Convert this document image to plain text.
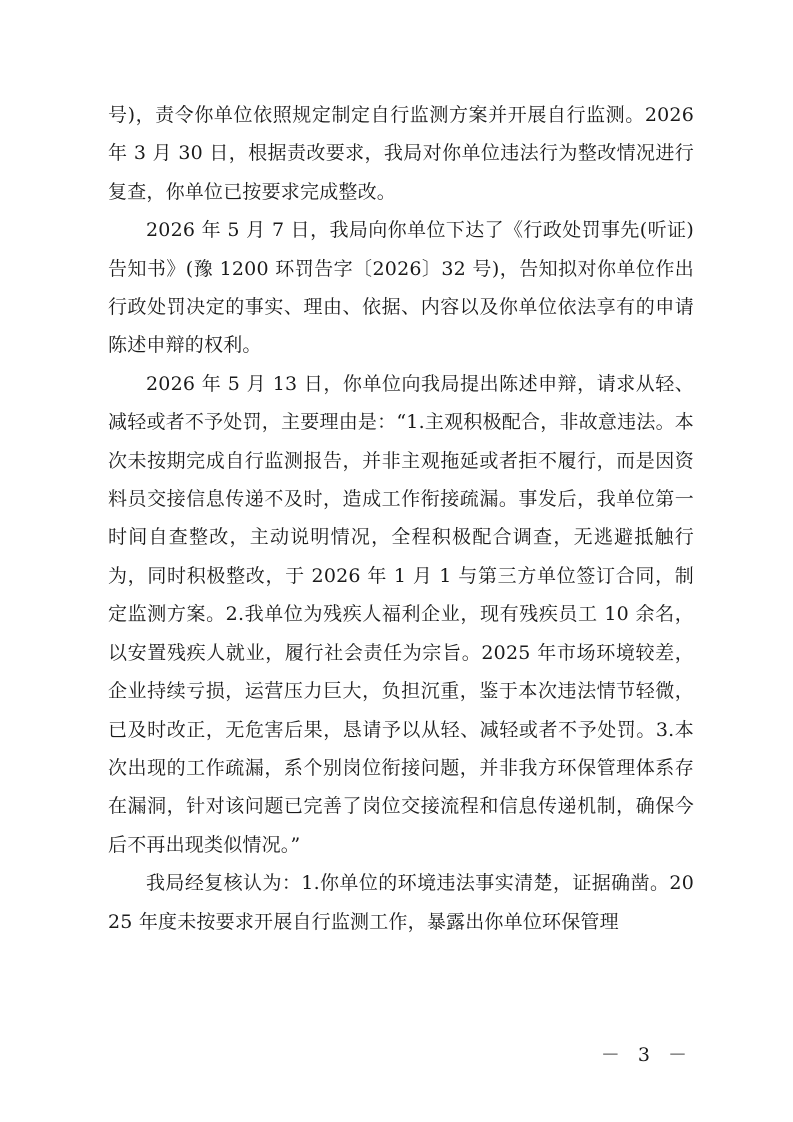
号)，责令你单位依照规定制定自行监测方案并开展自行监测。2026 年 3 月 30 日，根据责改要求，我局对你单位违法行为整改情况进行复查，你单位已按要求完成整改。

2026 年 5 月 7 日，我局向你单位下达了《行政处罚事先(听证)告知书》(豫 1200 环罚告字〔2026〕32 号)，告知拟对你单位作出行政处罚决定的事实、理由、依据、内容以及你单位依法享有的申请陈述申辩的权利。

2026 年 5 月 13 日，你单位向我局提出陈述申辩，请求从轻、减轻或者不予处罚，主要理由是：“1.主观积极配合，非故意违法。本次未按期完成自行监测报告，并非主观拖延或者拒不履行，而是因资料员交接信息传递不及时，造成工作衔接疏漏。事发后，我单位第一时间自查整改，主动说明情况，全程积极配合调查，无逃避抵触行为，同时积极整改，于 2026 年 1 月 1 与第三方单位签订合同，制定监测方案。2.我单位为残疾人福利企业，现有残疾员工 10 余名，以安置残疾人就业，履行社会责任为宗旨。2025 年市场环境较差，企业持续亏损，运营压力巨大，负担沉重，鉴于本次违法情节轻微，已及时改正，无危害后果，恳请予以从轻、减轻或者不予处罚。3.本次出现的工作疏漏，系个别岗位衔接问题，并非我方环保管理体系存在漏洞，针对该问题已完善了岗位交接流程和信息传递机制，确保今后不再出现类似情况。”

我局经复核认为：1.你单位的环境违法事实清楚，证据确凿。2025 年度未按要求开展自行监测工作，暴露出你单位环保管理

－ 3 －
